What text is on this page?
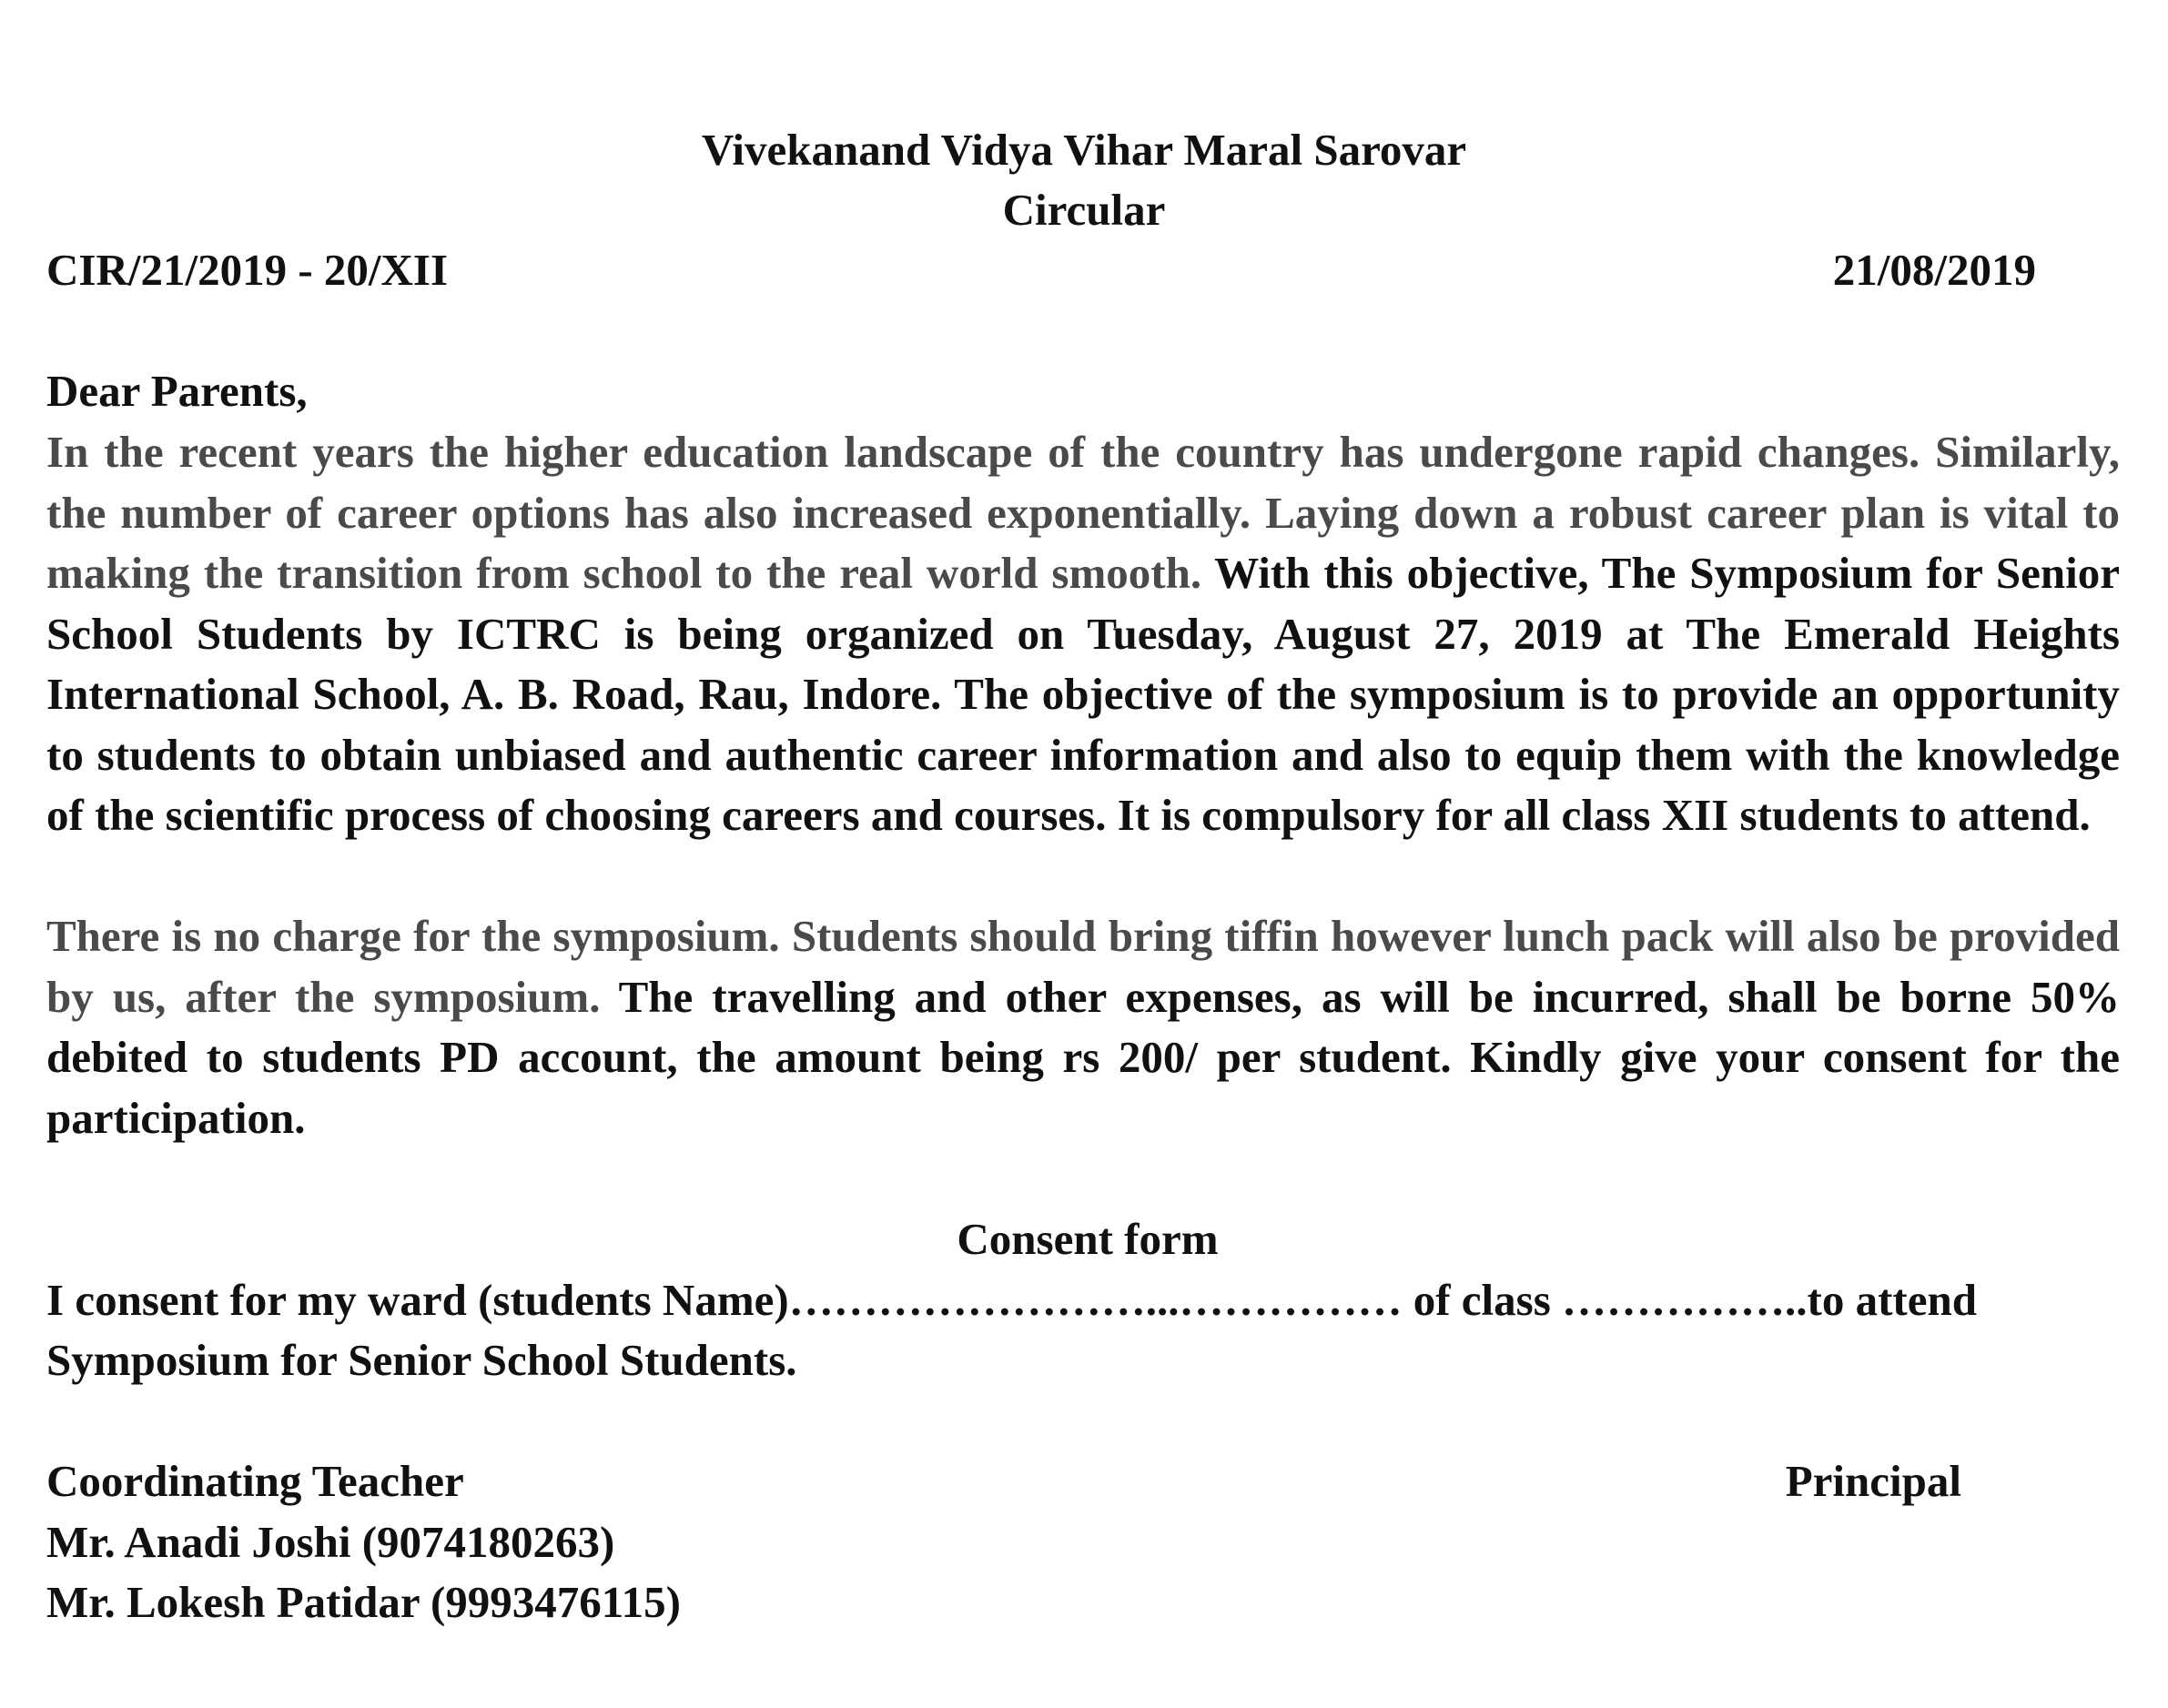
Vivekanand Vidya Vihar Maral Sarovar
Circular
CIR/21/2019 - 20/XII	21/08/2019
Dear Parents,
In the recent years the higher education landscape of the country has undergone rapid changes. Similarly, the number of career options has also increased exponentially. Laying down a robust career plan is vital to making the transition from school to the real world smooth. With this objective, The Symposium for Senior School Students by ICTRC is being organized on Tuesday, August 27, 2019 at The Emerald Heights International School, A. B. Road, Rau, Indore. The objective of the symposium is to provide an opportunity to students to obtain unbiased and authentic career information and also to equip them with the knowledge of the scientific process of choosing careers and courses. It is compulsory for all class XII students to attend.
There is no charge for the symposium. Students should bring tiffin however lunch pack will also be provided by us, after the symposium. The travelling and other expenses, as will be incurred, shall be borne 50% debited to students PD account, the amount being rs 200/ per student. Kindly give your consent for the participation.
Consent form
I consent for my ward (students Name)……………………...…………… of class ……………..to attend
Symposium for Senior School Students.
Coordinating Teacher	Principal
Mr. Anadi Joshi (9074180263)
Mr. Lokesh Patidar (9993476115)
